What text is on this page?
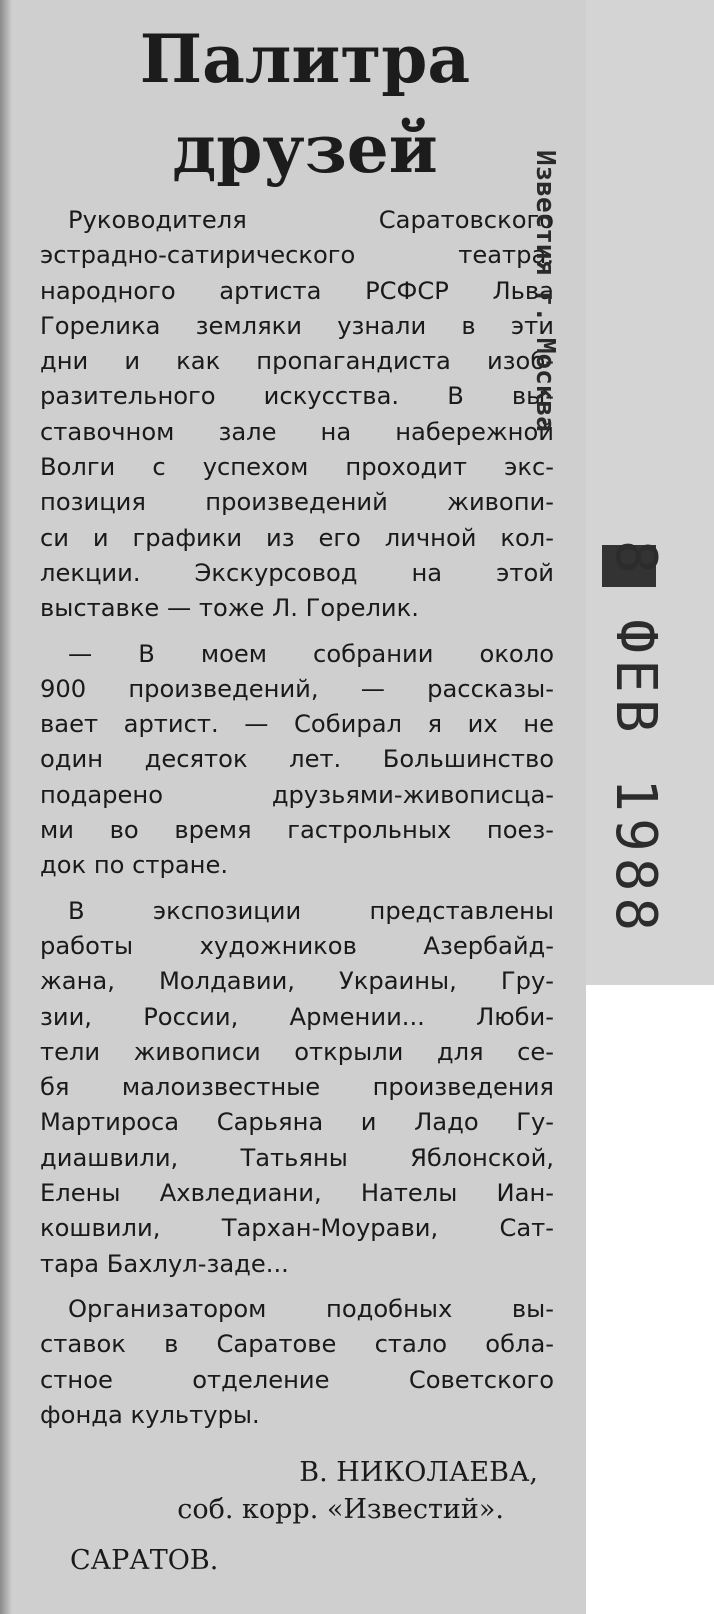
Палитра
друзей

Руководителя Саратовского
эстрадно-сатирического театра,
народного артиста РСФСР Льва
Горелика земляки узнали в эти
дни и как пропагандиста изоб-
разительного искусства. В вы-
ставочном зале на набережной
Волги с успехом проходит экс-
позиция произведений живопи-
си и графики из его личной кол-
лекции. Экскурсовод на этой
выставке — тоже Л. Горелик.

— В моем собрании около
900 произведений, — рассказы-
вает артист. — Собирал я их не
один десяток лет. Большинство
подарено друзьями-живописца-
ми во время гастрольных поез-
док по стране.

В экспозиции представлены
работы художников Азербайд-
жана, Молдавии, Украины, Гру-
зии, России, Армении... Люби-
тели живописи открыли для се-
бя малоизвестные произведения
Мартироса Сарьяна и Ладо Гу-
диашвили, Татьяны Яблонской,
Елены Ахвледиани, Нателы Иан-
кошвили, Тархан-Моурави, Сат-
тара Бахлул-заде...

Организатором подобных вы-
ставок в Саратове стало обла-
стное отделение Советского
фонда культуры.

В. НИКОЛАЕВА,
соб. корр. «Известий».
САРАТОВ.
Известия г. Москва
8 ФЕВ 1988
